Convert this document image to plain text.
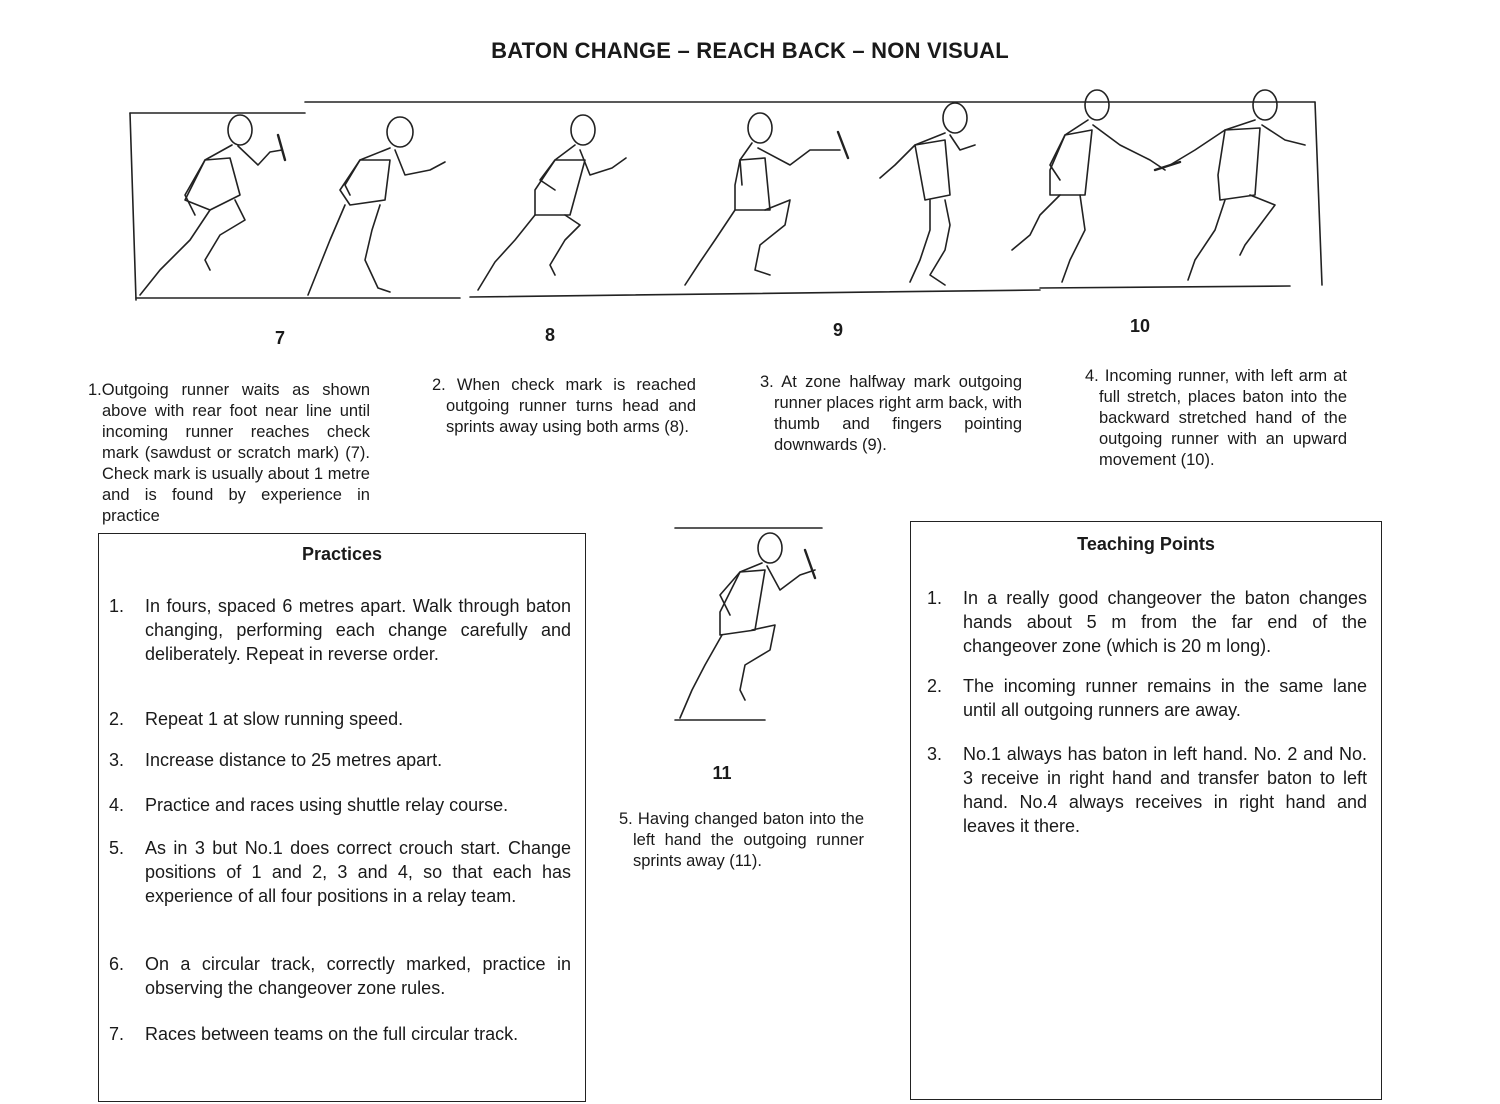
BATON CHANGE – REACH BACK – NON VISUAL
7	8	9	10
11
1.Outgoing runner waits as shown above with rear foot near line until incoming runner reaches check mark (sawdust or scratch mark) (7). Check mark is usually about 1 metre and is found by experience in practice
2. When check mark is reached outgoing runner turns head and sprints away using both arms (8).
3. At zone halfway mark outgoing runner places right arm back, with thumb and fingers pointing downwards (9).
4. Incoming runner, with left arm at full stretch, places baton into the backward stretched hand of the outgoing runner with an upward movement (10).
5. Having changed baton into the left hand the outgoing runner sprints away (11).
Practices
1. In fours, spaced 6 metres apart. Walk through baton changing, performing each change carefully and deliberately. Repeat in reverse order.
2. Repeat 1 at slow running speed.
3. Increase distance to 25 metres apart.
4. Practice and races using shuttle relay course.
5. As in 3 but No.1 does correct crouch start. Change positions of 1 and 2, 3 and 4, so that each has experience of all four positions in a relay team.
6. On a circular track, correctly marked, practice in observing the changeover zone rules.
7. Races between teams on the full circular track.
Teaching Points
1. In a really good changeover the baton changes hands about 5 m from the far end of the changeover zone (which is 20 m long).
2. The incoming runner remains in the same lane until all outgoing runners are away.
3. No.1 always has baton in left hand. No. 2 and No. 3 receive in right hand and transfer baton to left hand. No.4 always receives in right hand and leaves it there.
